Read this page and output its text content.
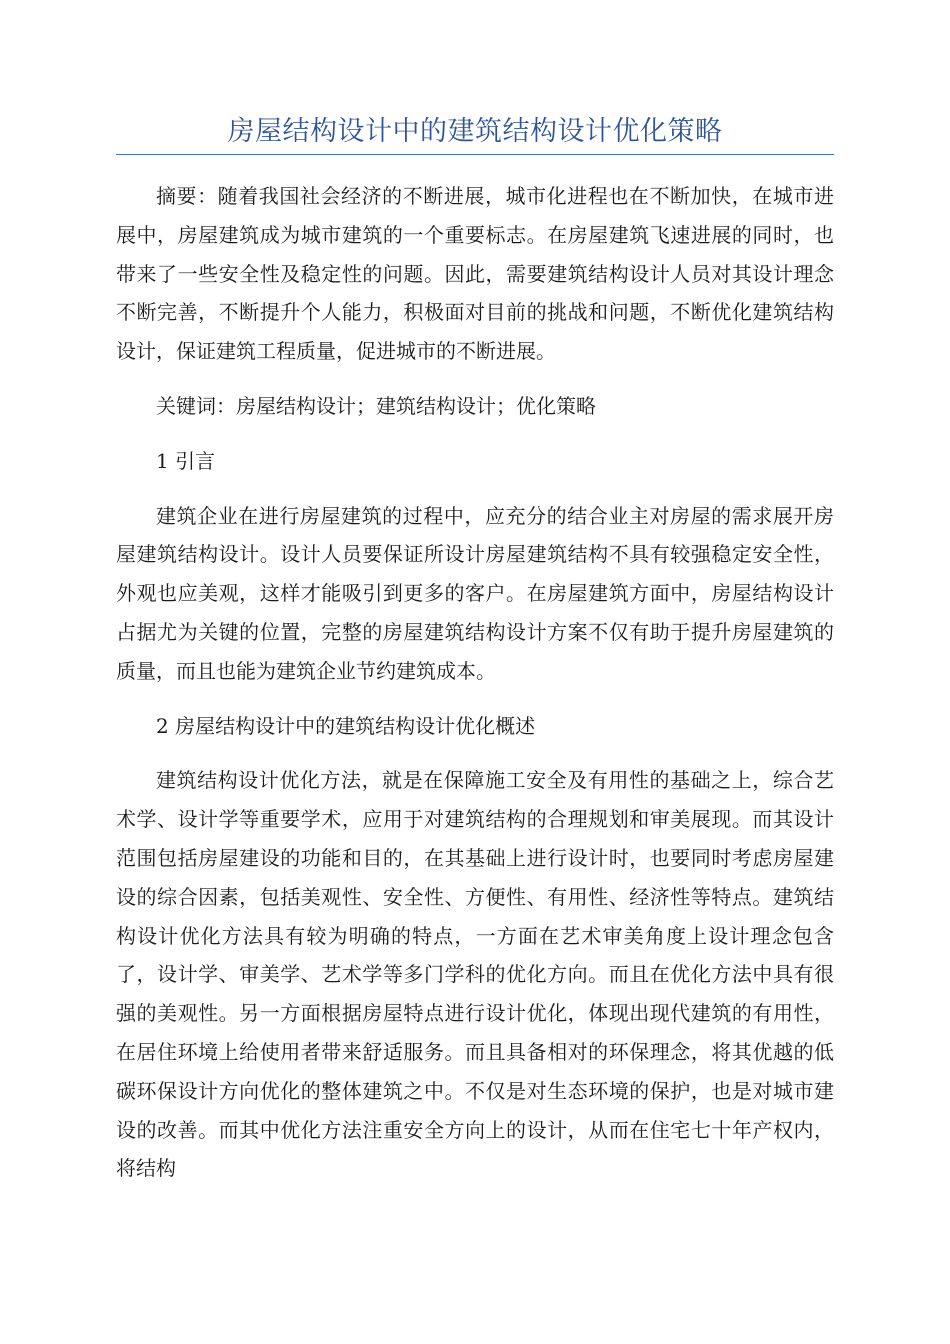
房屋结构设计中的建筑结构设计优化策略

摘要：随着我国社会经济的不断进展，城市化进程也在不断加快，在城市进展中，房屋建筑成为城市建筑的一个重要标志。在房屋建筑飞速进展的同时，也带来了一些安全性及稳定性的问题。因此，需要建筑结构设计人员对其设计理念不断完善，不断提升个人能力，积极面对目前的挑战和问题，不断优化建筑结构设计，保证建筑工程质量，促进城市的不断进展。

关键词：房屋结构设计；建筑结构设计；优化策略

1 引言

建筑企业在进行房屋建筑的过程中，应充分的结合业主对房屋的需求展开房屋建筑结构设计。设计人员要保证所设计房屋建筑结构不具有较强稳定安全性，外观也应美观，这样才能吸引到更多的客户。在房屋建筑方面中，房屋结构设计占据尤为关键的位置，完整的房屋建筑结构设计方案不仅有助于提升房屋建筑的质量，而且也能为建筑企业节约建筑成本。

2 房屋结构设计中的建筑结构设计优化概述

建筑结构设计优化方法，就是在保障施工安全及有用性的基础之上，综合艺术学、设计学等重要学术，应用于对建筑结构的合理规划和审美展现。而其设计范围包括房屋建设的功能和目的，在其基础上进行设计时，也要同时考虑房屋建设的综合因素，包括美观性、安全性、方便性、有用性、经济性等特点。建筑结构设计优化方法具有较为明确的特点，一方面在艺术审美角度上设计理念包含了，设计学、审美学、艺术学等多门学科的优化方向。而且在优化方法中具有很强的美观性。另一方面根据房屋特点进行设计优化，体现出现代建筑的有用性，在居住环境上给使用者带来舒适服务。而且具备相对的环保理念，将其优越的低碳环保设计方向优化的整体建筑之中。不仅是对生态环境的保护，也是对城市建设的改善。而其中优化方法注重安全方向上的设计，从而在住宅七十年产权内，将结构
